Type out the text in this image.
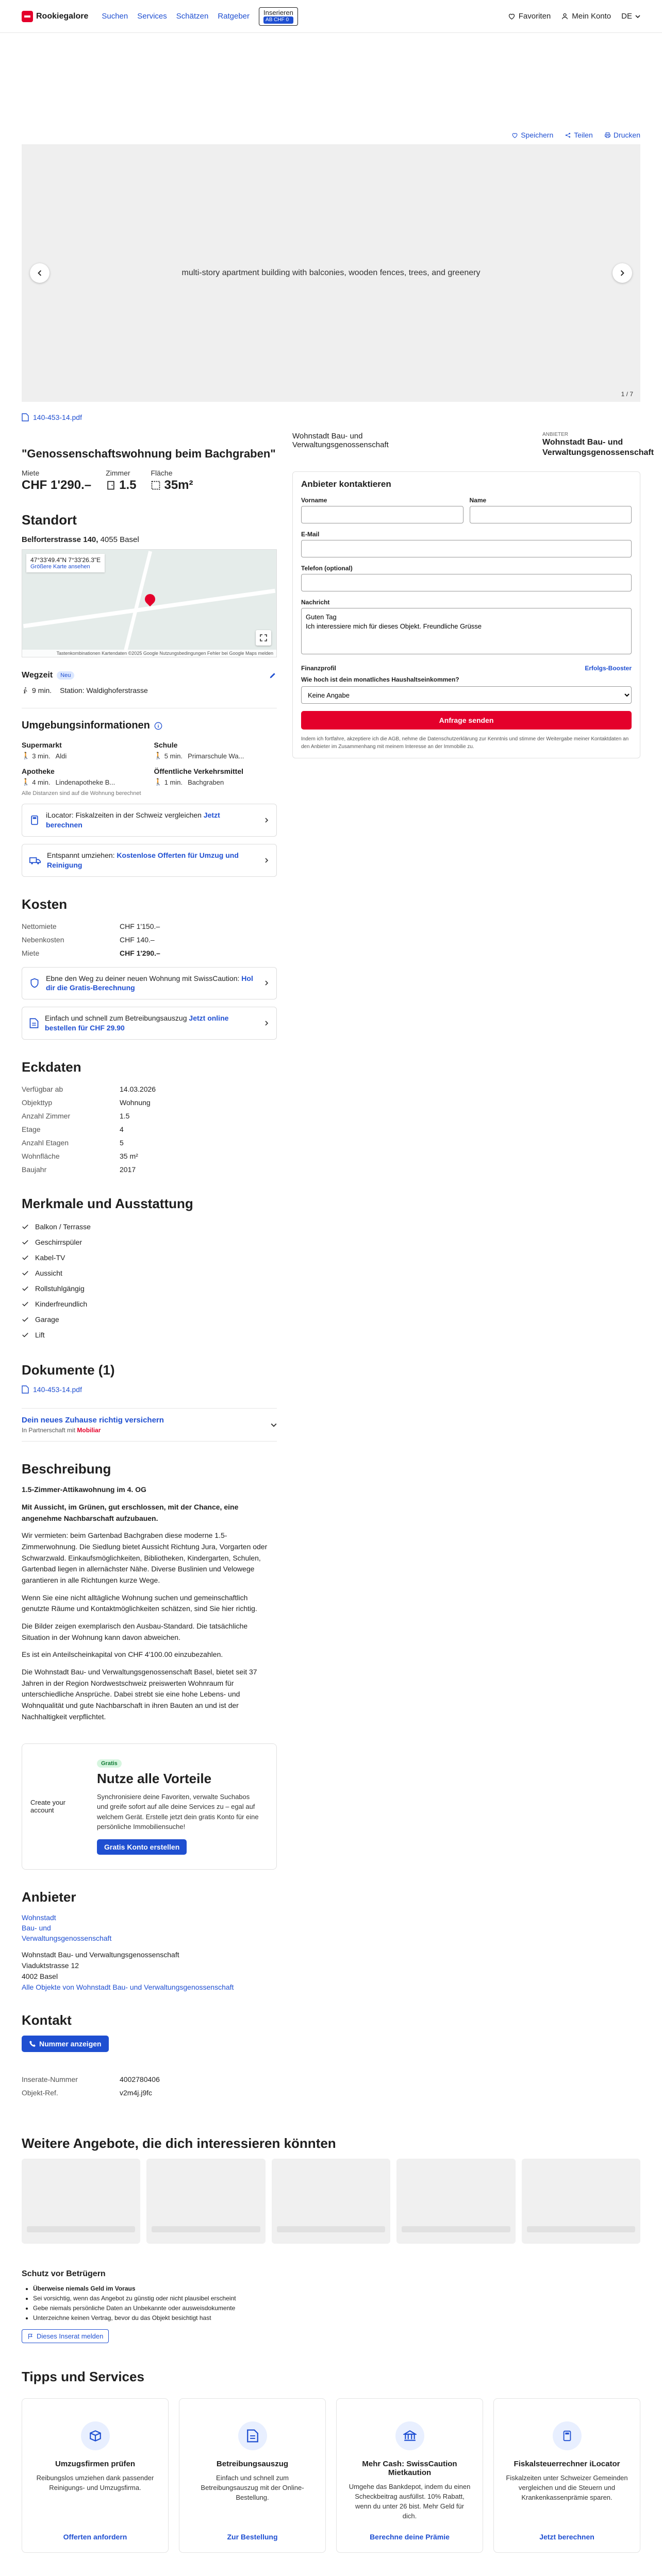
Rookiegalore Suchen Services Schätzen Ratgeber	Inserieren
AB CHF 0	Favoriten	Mein Konto DE
Speichern	Teilen	Drucken
multi-story apartment building with balconies, wooden fences, trees, and greenery
1 / 7
140-453-14.pdf
"Genossenschaftswohnung beim Bachgraben"
Miete
CHF 1'290.–
Zimmer
1.5
Fläche
35m²
Standort
Belforterstrasse 140, 4055 Basel
47°33'49.4"N 7°33'26.3"E
Größere Karte ansehen
Tastenkombinationen Kartendaten ©2025 Google Nutzungsbedingungen Fehler bei Google Maps melden
Wegzeit	Neu
9 min. Station: Waldighoferstrasse
Umgebungsinformationen
Supermarkt
🚶 3 min. Aldi
Schule
🚶 5 min. Primarschule Wa...
Apotheke
🚶 4 min. Lindenapotheke B...
Öffentliche Verkehrsmittel
🚶 1 min. Bachgraben
Alle Distanzen sind auf die Wohnung berechnet
iLocator: Fiskalzeiten in der Schweiz vergleichen Jetzt berechnen
Entspannt umziehen: Kostenlose Offerten für Umzug und Reinigung
Kosten
Nettomiete	CHF 1'150.–
Nebenkosten	CHF 140.–
Miete	CHF 1'290.–
Ebne den Weg zu deiner neuen Wohnung mit SwissCaution: Hol dir die Gratis-Berechnung
Einfach und schnell zum Betreibungsauszug Jetzt online bestellen für CHF 29.90
Eckdaten
Verfügbar ab	14.03.2026
Objekttyp	Wohnung
Anzahl Zimmer	1.5
Etage	4
Anzahl Etagen	5
Wohnfläche	35 m²
Baujahr	2017
Merkmale und Ausstattung
Balkon / Terrasse
Geschirrspüler
Kabel-TV
Aussicht
Rollstuhlgängig
Kinderfreundlich
Garage
Lift
Dokumente (1)
140-453-14.pdf
Dein neues Zuhause richtig versichern
In Partnerschaft mit Mobiliar
Beschreibung

1.5-Zimmer-Attikawohnung im 4. OG

Mit Aussicht, im Grünen, gut erschlossen, mit der Chance, eine angenehme Nachbarschaft aufzubauen.

Wir vermieten: beim Gartenbad Bachgraben diese moderne 1.5-Zimmerwohnung. Die Siedlung bietet Aussicht Richtung Jura, Vorgarten oder Schwarzwald. Einkaufsmöglichkeiten, Bibliotheken, Kindergarten, Schulen, Gartenbad liegen in allernächster Nähe. Diverse Buslinien und Velowege garantieren in alle Richtungen kurze Wege.

Wenn Sie eine nicht alltägliche Wohnung suchen und gemeinschaftlich genutzte Räume und Kontaktmöglichkeiten schätzen, sind Sie hier richtig.

Die Bilder zeigen exemplarisch den Ausbau-Standard. Die tatsächliche Situation in der Wohnung kann davon abweichen.

Es ist ein Anteilscheinkapital von CHF 4'100.00 einzubezahlen.

Die Wohnstadt Bau- und Verwaltungsgenossenschaft Basel, bietet seit 37 Jahren in der Region Nordwestschweiz preiswerten Wohnraum für unterschiedliche Ansprüche. Dabei strebt sie eine hohe Lebens- und Wohnqualität und gute Nachbarschaft in ihren Bauten an und ist der Nachhaltigkeit verpflichtet.

Create your account
Gratis
Nutze alle Vorteile

Synchronisiere deine Favoriten, verwalte Suchabos und greife sofort auf alle deine Services zu – egal auf welchem Gerät. Erstelle jetzt dein gratis Konto für eine persönliche Immobiliensuche!

Gratis Konto erstellen
Anbieter
Wohnstadt
Bau- und
Verwaltungsgenossenschaft
Wohnstadt Bau- und Verwaltungsgenossenschaft
Viaduktstrasse 12
4002 Basel
Alle Objekte von Wohnstadt Bau- und Verwaltungsgenossenschaft
Kontakt
Nummer anzeigen
Inserate-Nummer	4002780406
Objekt-Ref.	v2m4j.j9fc
Wohnstadt Bau- und Verwaltungsgenossenschaft
ANBIETER
Wohnstadt Bau- und Verwaltungsgenossenschaft
Anbieter kontaktieren
Vorname	Name
E-Mail
Telefon (optional)
Nachricht
Guten Tag Ich interessiere mich für dieses Objekt. Freundliche Grüsse
Finanzprofil	Erfolgs-Booster
Wie hoch ist dein monatliches Haushaltseinkommen?
Keine Angabe
Anfrage senden
Indem ich fortfahre, akzeptiere ich die AGB, nehme die Datenschutzerklärung zur Kenntnis und stimme der Weitergabe meiner Kontaktdaten an den Anbieter im Zusammenhang mit meinem Interesse an der Immobilie zu.
Weitere Angebote, die dich interessieren könnten
Schutz vor Betrügern
• Überweise niemals Geld im Voraus
• Sei vorsichtig, wenn das Angebot zu günstig oder nicht plausibel erscheint
• Gebe niemals persönliche Daten an Unbekannte oder ausweisdokumente
• Unterzeichne keinen Vertrag, bevor du das Objekt besichtigt hast
Dieses Inserat melden
Tipps und Services
Umzugsfirmen prüfen
Reibungslos umziehen dank passender Reinigungs- und Umzugsfirma.
Offerten anfordern
Betreibungsauszug
Einfach und schnell zum Betreibungsauszug mit der Online-Bestellung.
Zur Bestellung
Mehr Cash: SwissCaution Mietkaution
Umgehe das Bankdepot, indem du einen Scheckbeitrag ausfüllst. 10% Rabatt, wenn du unter 26 bist. Mehr Geld für dich.
Berechne deine Prämie
Fiskalsteuerrechner iLocator
Fiskalzeiten unter Schweizer Gemeinden vergleichen und die Steuern und Krankenkassenprämie sparen.
Jetzt berechnen
